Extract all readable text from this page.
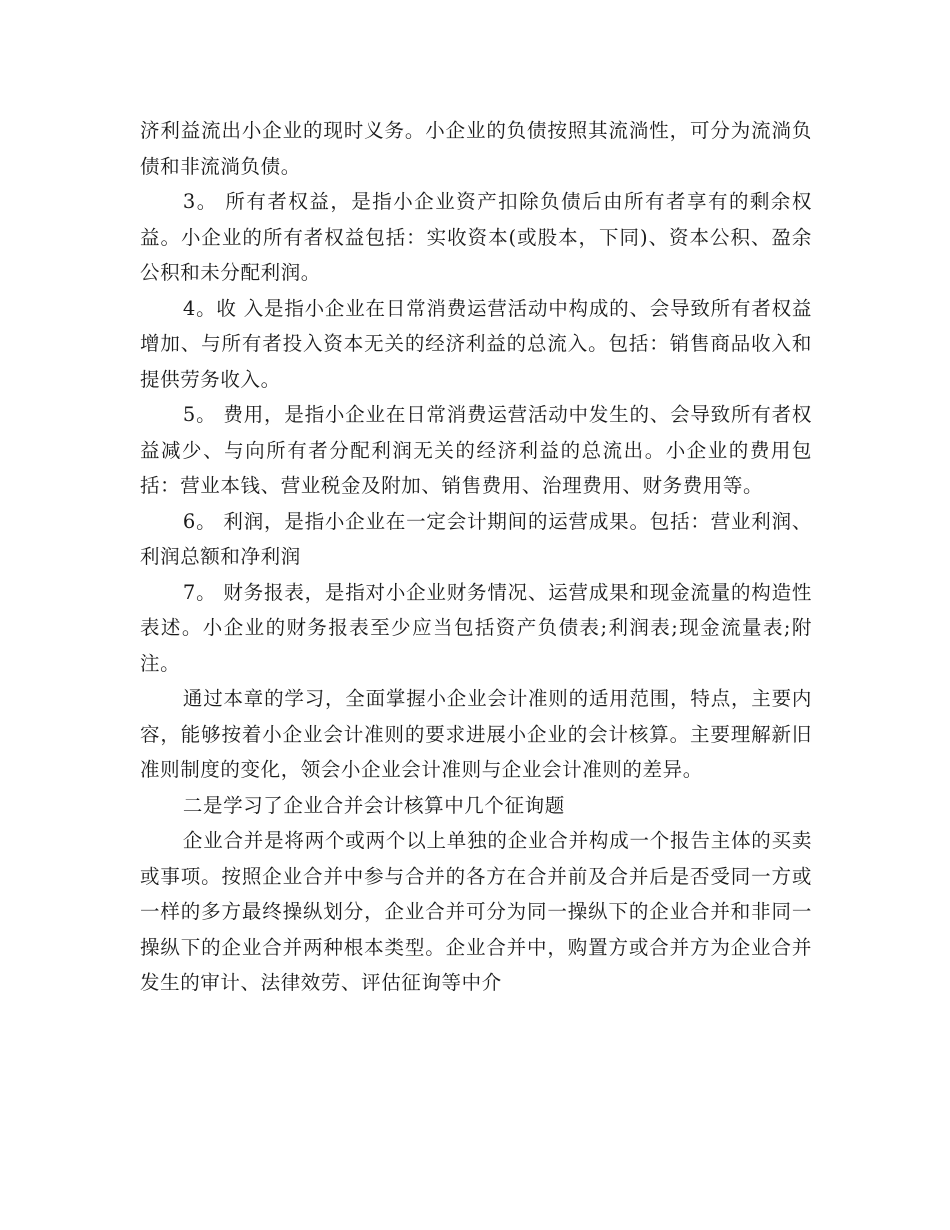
济利益流出小企业的现时义务。小企业的负债按照其流淌性，可分为流淌负债和非流淌负债。

3。 所有者权益，是指小企业资产扣除负债后由所有者享有的剩余权益。小企业的所有者权益包括：实收资本(或股本，下同)、资本公积、盈余公积和未分配利润。

4。收 入是指小企业在日常消费运营活动中构成的、会导致所有者权益增加、与所有者投入资本无关的经济利益的总流入。包括：销售商品收入和提供劳务收入。

5。 费用，是指小企业在日常消费运营活动中发生的、会导致所有者权益减少、与向所有者分配利润无关的经济利益的总流出。小企业的费用包括：营业本钱、营业税金及附加、销售费用、治理费用、财务费用等。

6。 利润，是指小企业在一定会计期间的运营成果。包括：营业利润、利润总额和净利润

7。 财务报表，是指对小企业财务情况、运营成果和现金流量的构造性表述。小企业的财务报表至少应当包括资产负债表;利润表;现金流量表;附注。

通过本章的学习，全面掌握小企业会计准则的适用范围，特点，主要内容，能够按着小企业会计准则的要求进展小企业的会计核算。主要理解新旧准则制度的变化，领会小企业会计准则与企业会计准则的差异。

二是学习了企业合并会计核算中几个征询题

企业合并是将两个或两个以上单独的企业合并构成一个报告主体的买卖或事项。按照企业合并中参与合并的各方在合并前及合并后是否受同一方或一样的多方最终操纵划分，企业合并可分为同一操纵下的企业合并和非同一操纵下的企业合并两种根本类型。企业合并中，购置方或合并方为企业合并发生的审计、法律效劳、评估征询等中介
